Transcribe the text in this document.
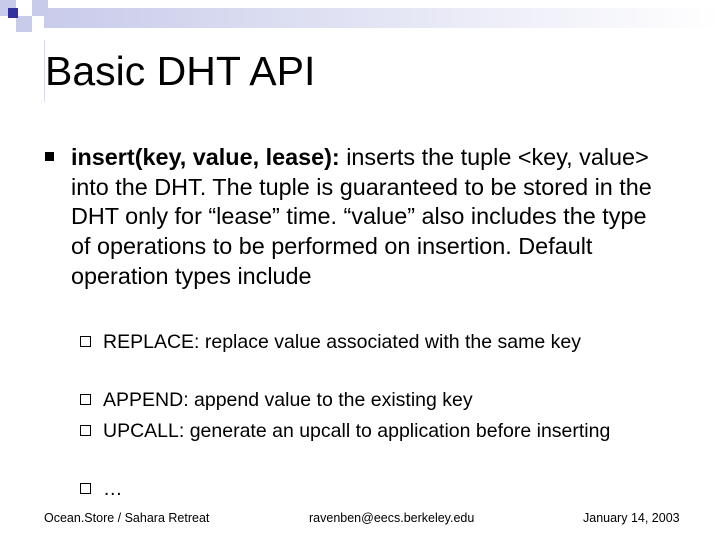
Basic DHT API
insert(key, value, lease): inserts the tuple <key, value> into the DHT. The tuple is guaranteed to be stored in the DHT only for “lease” time. “value” also includes the type of operations to be performed on insertion. Default operation types include
REPLACE: replace value associated with the same key
APPEND: append value to the existing key
UPCALL: generate an upcall to application before inserting
…
Ocean.Store / Sahara Retreat	ravenben@eecs.berkeley.edu	January 14, 2003
